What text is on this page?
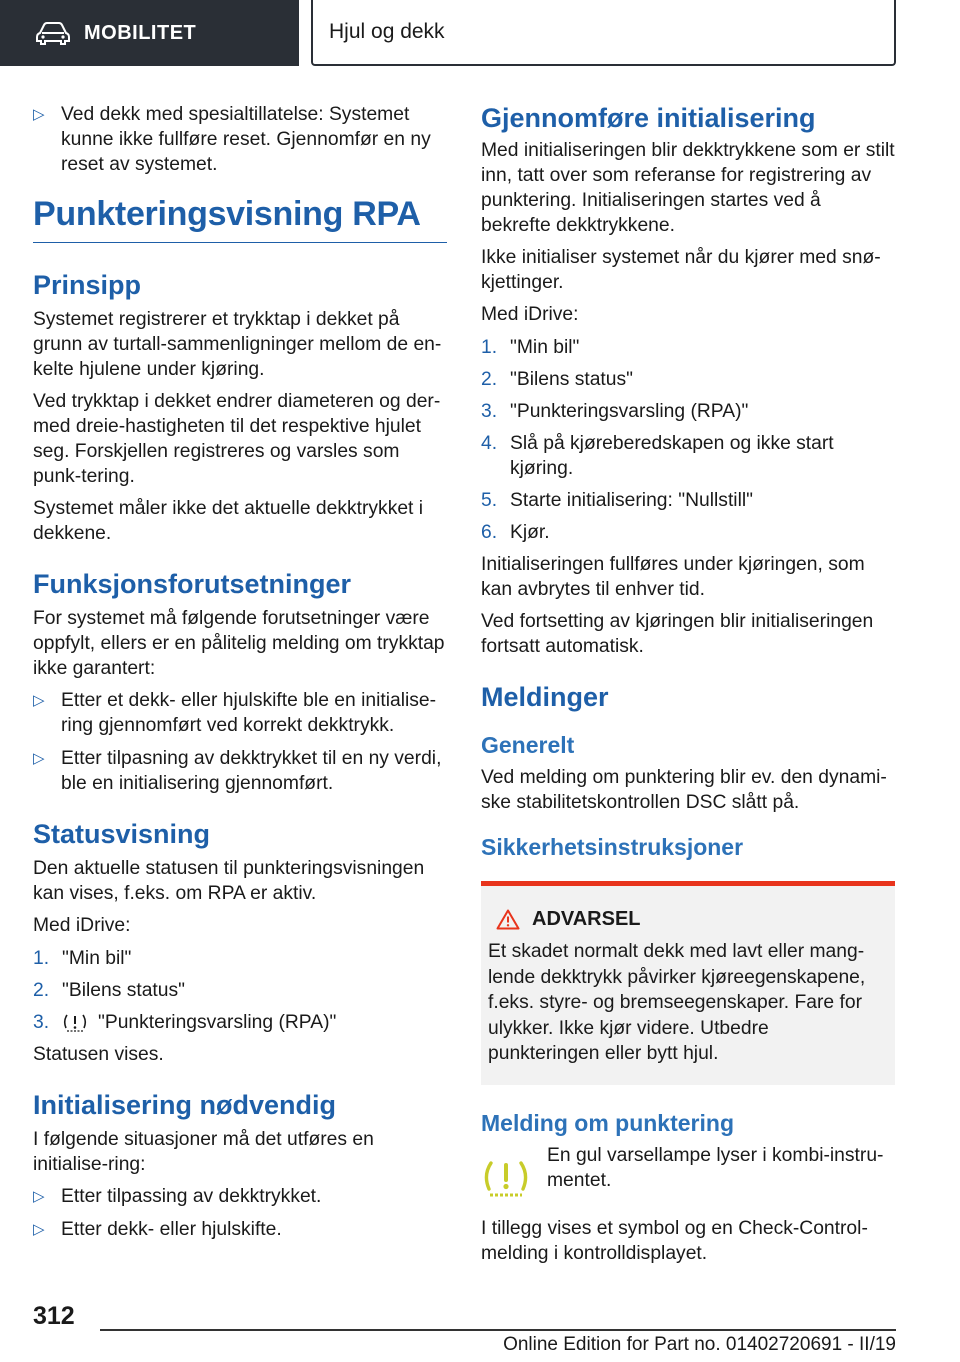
MOBILITET	Hjul og dekk
▷ Ved dekk med spesialtillatelse: Systemet kunne ikke fullføre reset. Gjennomfør en ny reset av systemet.
Punkteringsvisning RPA
Prinsipp

Systemet registrerer et trykktap i dekket på grunn av turtall-sammenligninger mellom de en-kelte hjulene under kjøring.

Ved trykktap i dekket endrer diameteren og der-med dreie-hastigheten til det respektive hjulet seg. Forskjellen registreres og varsles som punk-tering.

Systemet måler ikke det aktuelle dekktrykket i dekkene.

Funksjonsforutsetninger

For systemet må følgende forutsetninger være oppfylt, ellers er en pålitelig melding om trykktap ikke garantert:

▷ Etter et dekk- eller hjulskifte ble en initialise-ring gjennomført ved korrekt dekktrykk.
▷ Etter tilpasning av dekktrykket til en ny verdi, ble en initialisering gjennomført.
Statusvisning

Den aktuelle statusen til punkteringsvisningen kan vises, f.eks. om RPA er aktiv.

Med iDrive:

1. "Min bil"
2. "Bilens status"
3.	"Punkteringsvarsling (RPA)"

Statusen vises.

Initialisering nødvendig

I følgende situasjoner må det utføres en initialise-ring:

▷ Etter tilpassing av dekktrykket.
▷ Etter dekk- eller hjulskifte.
Gjennomføre initialisering

Med initialiseringen blir dekktrykkene som er stilt inn, tatt over som referanse for registrering av punktering. Initialiseringen startes ved å bekrefte dekktrykkene.

Ikke initialiser systemet når du kjører med snø-kjettinger.

Med iDrive:

1. "Min bil"
2. "Bilens status"
3. "Punkteringsvarsling (RPA)"
4. Slå på kjøreberedskapen og ikke start kjøring.
5. Starte initialisering: "Nullstill"
6. Kjør.

Initialiseringen fullføres under kjøringen, som kan avbrytes til enhver tid.

Ved fortsetting av kjøringen blir initialiseringen fortsatt automatisk.

Meldinger
Generelt

Ved melding om punktering blir ev. den dynami-ske stabilitetskontrollen DSC slått på.

Sikkerhetsinstruksjoner
ADVARSEL

Et skadet normalt dekk med lavt eller mang-lende dekktrykk påvirker kjøreegenskapene, f.eks. styre- og bremseegenskaper. Fare for ulykker. Ikke kjør videre. Utbedre punkteringen eller bytt hjul.

Melding om punktering

En gul varsellampe lyser i kombi-instru-mentet.

I tillegg vises et symbol og en Check-Control-melding i kontrolldisplayet.

312
Online Edition for Part no. 01402720691 - II/19
